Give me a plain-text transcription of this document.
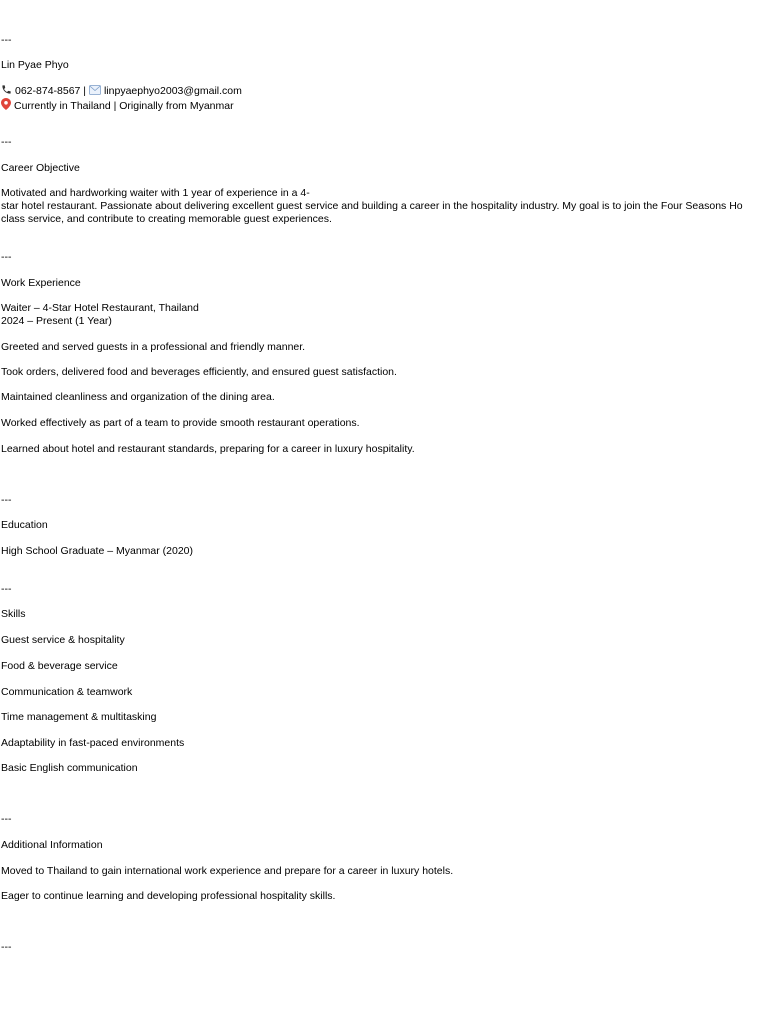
---
Lin Pyae Phyo
062-874-8567 | linpyaephyo2003@gmail.com
Currently in Thailand | Originally from Myanmar
---
Career Objective
Motivated and hardworking waiter with 1 year of experience in a 4-
star hotel restaurant. Passionate about delivering excellent guest service and building a career in the hospitality industry. My goal is to join the Four Seasons Ho
class service, and contribute to creating memorable guest experiences.
---
Work Experience
Waiter – 4-Star Hotel Restaurant, Thailand
2024 – Present (1 Year)
Greeted and served guests in a professional and friendly manner.
Took orders, delivered food and beverages efficiently, and ensured guest satisfaction.
Maintained cleanliness and organization of the dining area.
Worked effectively as part of a team to provide smooth restaurant operations.
Learned about hotel and restaurant standards, preparing for a career in luxury hospitality.
---
Education
High School Graduate – Myanmar (2020)
---
Skills
Guest service & hospitality
Food & beverage service
Communication & teamwork
Time management & multitasking
Adaptability in fast-paced environments
Basic English communication
---
Additional Information
Moved to Thailand to gain international work experience and prepare for a career in luxury hotels.
Eager to continue learning and developing professional hospitality skills.
---
